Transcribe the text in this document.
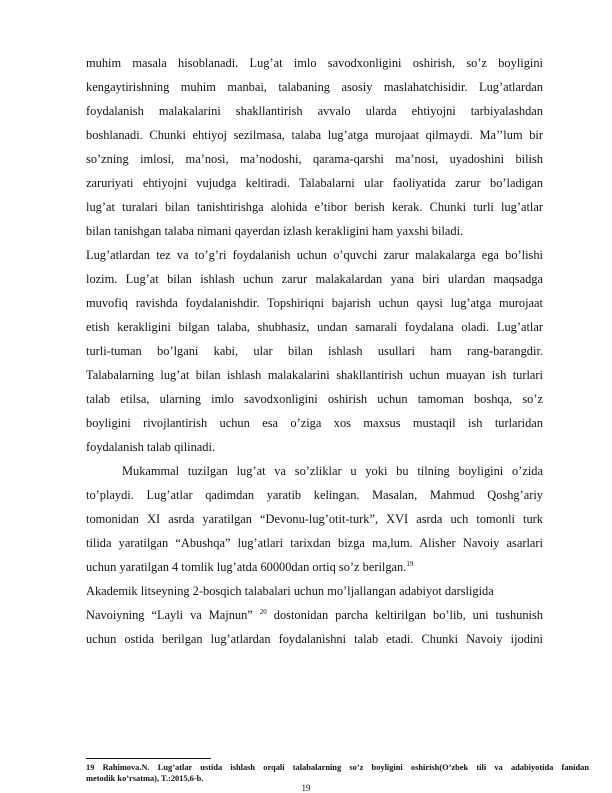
muhim masala hisoblanadi. Lug’at imlo savodxonligini oshirish, so’z boyligini
kengaytirishning muhim manbai, talabaning asosiy maslahatchisidir. Lug’atlardan
foydalanish malakalarini shakllantirish avvalo ularda ehtiyojni tarbiyalashdan
boshlanadi. Chunki ehtiyoj sezilmasa, talaba lug’atga murojaat qilmaydi. Ma’’lum bir
so’zning imlosi, ma’nosi, ma’nodoshi, qarama-qarshi ma’nosi, uyadoshini bilish
zaruriyati ehtiyojni vujudga keltiradi. Talabalarni ular faoliyatida zarur bo’ladigan
lug’at turalari bilan tanishtirishga alohida e’tibor berish kerak. Chunki turli lug’atlar
bilan tanishgan talaba nimani qayerdan izlash kerakligini ham yaxshi biladi.
Lug’atlardan tez va to’g’ri foydalanish uchun o’quvchi zarur malakalarga ega bo’lishi
lozim. Lug’at bilan ishlash uchun zarur malakalardan yana biri ulardan maqsadga
muvofiq ravishda foydalanishdir. Topshiriqni bajarish uchun qaysi lug’atga murojaat
etish kerakligini bilgan talaba, shubhasiz, undan samarali foydalana oladi. Lug’atlar
turli-tuman bo’lgani kabi, ular bilan ishlash usullari ham rang-barangdir.
Talabalarning lug’at bilan ishlash malakalarini shakllantirish uchun muayan ish turlari
talab etilsa, ularning imlo savodxonligini oshirish uchun tamoman boshqa, so’z
boyligini rivojlantirish uchun esa o’ziga xos maxsus mustaqil ish turlaridan
foydalanish talab qilinadi.
Mukammal tuzilgan lug’at va so’zliklar u yoki bu tilning boyligini o’zida
to’playdi. Lug’atlar qadimdan yaratib kelingan. Masalan, Mahmud Qoshg’ariy
tomonidan XI asrda yaratilgan “Devonu-lug’otit-turk”, XVI asrda uch tomonli turk
tilida yaratilgan “Abushqa” lug’atlari tarixdan bizga ma,lum. Alisher Navoiy asarlari
uchun yaratilgan 4 tomlik lug’atda 60000dan ortiq so’z berilgan.$^{19}$
Akademik litseyning 2-bosqich talabalari uchun mo’ljallangan adabiyot darsligida
Navoiyning “Layli va Majnun” $^{20}$ dostonidan parcha keltirilgan bo’lib, uni tushunish
uchun ostida berilgan lug’atlardan foydalanishni talab etadi. Chunki Navoiy ijodini
19 Rahimova.N. Lug’atlar ustida ishlash orqali talabalarning so’z boyligini oshirish(O’zbek tili va adabiyotida fanidan
metodik ko’rsatma), T.:2015,6-b.
19
